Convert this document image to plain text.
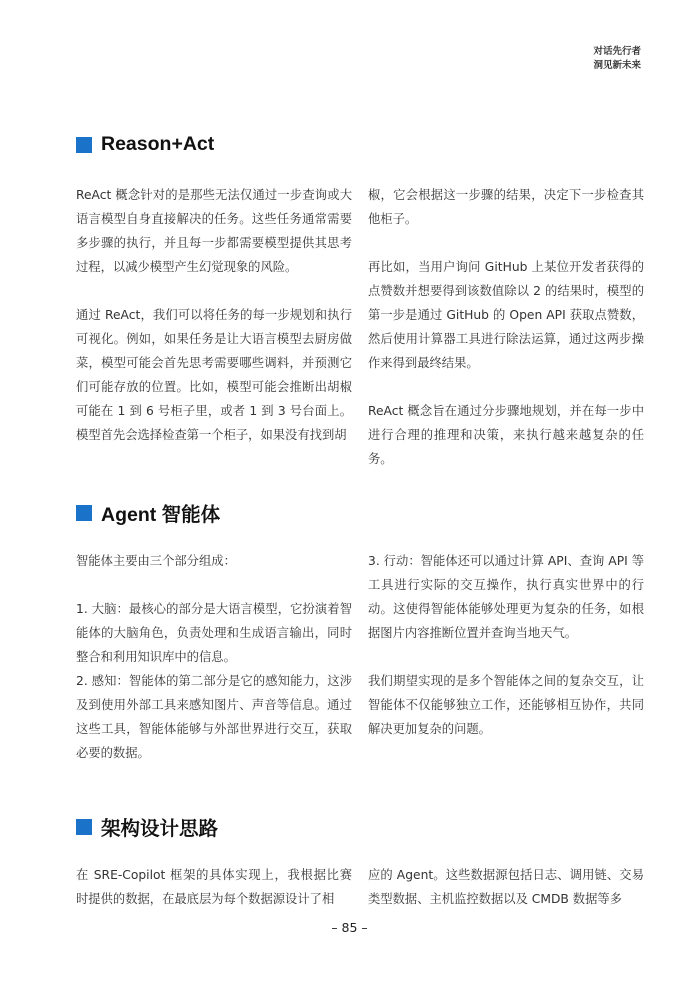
对话先行者
洞见新未来
Reason+Act

ReAct 概念针对的是那些无法仅通过一步查询或大语言模型自身直接解决的任务。这些任务通常需要多步骤的执行，并且每一步都需要模型提供其思考过程，以减少模型产生幻觉现象的风险。

通过 ReAct，我们可以将任务的每一步规划和执行可视化。例如，如果任务是让大语言模型去厨房做菜，模型可能会首先思考需要哪些调料，并预测它们可能存放的位置。比如，模型可能会推断出胡椒可能在 1 到 6 号柜子里，或者 1 到 3 号台面上。模型首先会选择检查第一个柜子，如果没有找到胡

椒，它会根据这一步骤的结果，决定下一步检查其他柜子。

再比如，当用户询问 GitHub 上某位开发者获得的点赞数并想要得到该数值除以 2 的结果时，模型的第一步是通过 GitHub 的 Open API 获取点赞数，然后使用计算器工具进行除法运算，通过这两步操作来得到最终结果。

ReAct 概念旨在通过分步骤地规划，并在每一步中进行合理的推理和决策，来执行越来越复杂的任务。

Agent 智能体

智能体主要由三个部分组成：

1. 大脑：最核心的部分是大语言模型，它扮演着智能体的大脑角色，负责处理和生成语言输出，同时整合和利用知识库中的信息。

2. 感知：智能体的第二部分是它的感知能力，这涉及到使用外部工具来感知图片、声音等信息。通过这些工具，智能体能够与外部世界进行交互，获取必要的数据。

3. 行动：智能体还可以通过计算 API、查询 API 等工具进行实际的交互操作，执行真实世界中的行动。这使得智能体能够处理更为复杂的任务，如根据图片内容推断位置并查询当地天气。

我们期望实现的是多个智能体之间的复杂交互，让智能体不仅能够独立工作，还能够相互协作，共同解决更加复杂的问题。

架构设计思路

在 SRE-Copilot 框架的具体实现上，我根据比赛时提供的数据，在最底层为每个数据源设计了相

应的 Agent。这些数据源包括日志、调用链、交易类型数据、主机监控数据以及 CMDB 数据等多

– 85 –
